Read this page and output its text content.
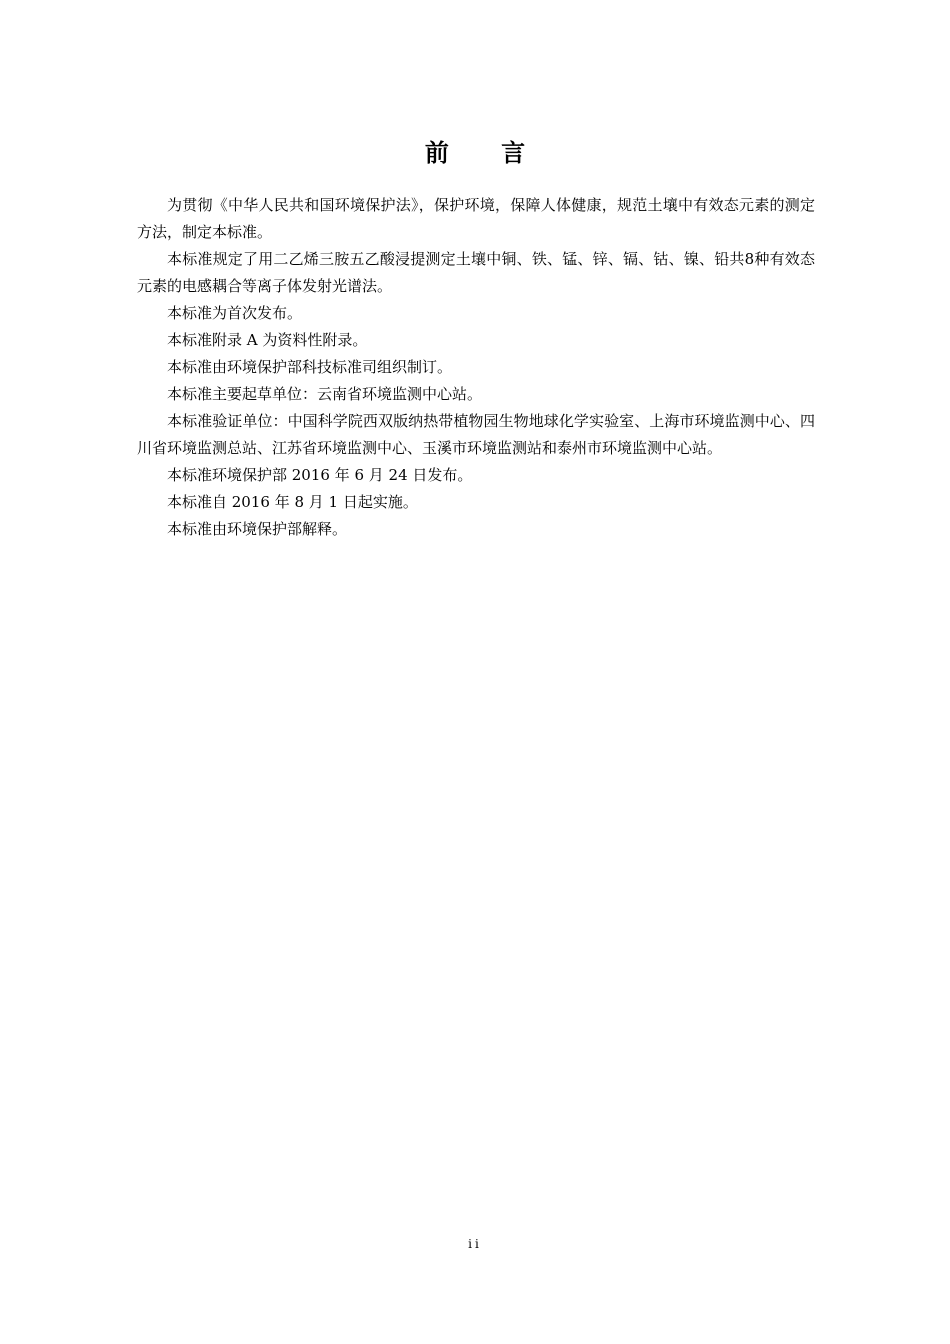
前 言

为贯彻《中华人民共和国环境保护法》，保护环境，保障人体健康，规范土壤中有效态元素的测定方法，制定本标准。

本标准规定了用二乙烯三胺五乙酸浸提测定土壤中铜、铁、锰、锌、镉、钴、镍、铅共8种有效态元素的电感耦合等离子体发射光谱法。

本标准为首次发布。

本标准附录 A 为资料性附录。

本标准由环境保护部科技标准司组织制订。

本标准主要起草单位：云南省环境监测中心站。

本标准验证单位：中国科学院西双版纳热带植物园生物地球化学实验室、上海市环境监测中心、四川省环境监测总站、江苏省环境监测中心、玉溪市环境监测站和泰州市环境监测中心站。

本标准环境保护部 2016 年 6 月 24 日发布。

本标准自 2016 年 8 月 1 日起实施。

本标准由环境保护部解释。

ii
